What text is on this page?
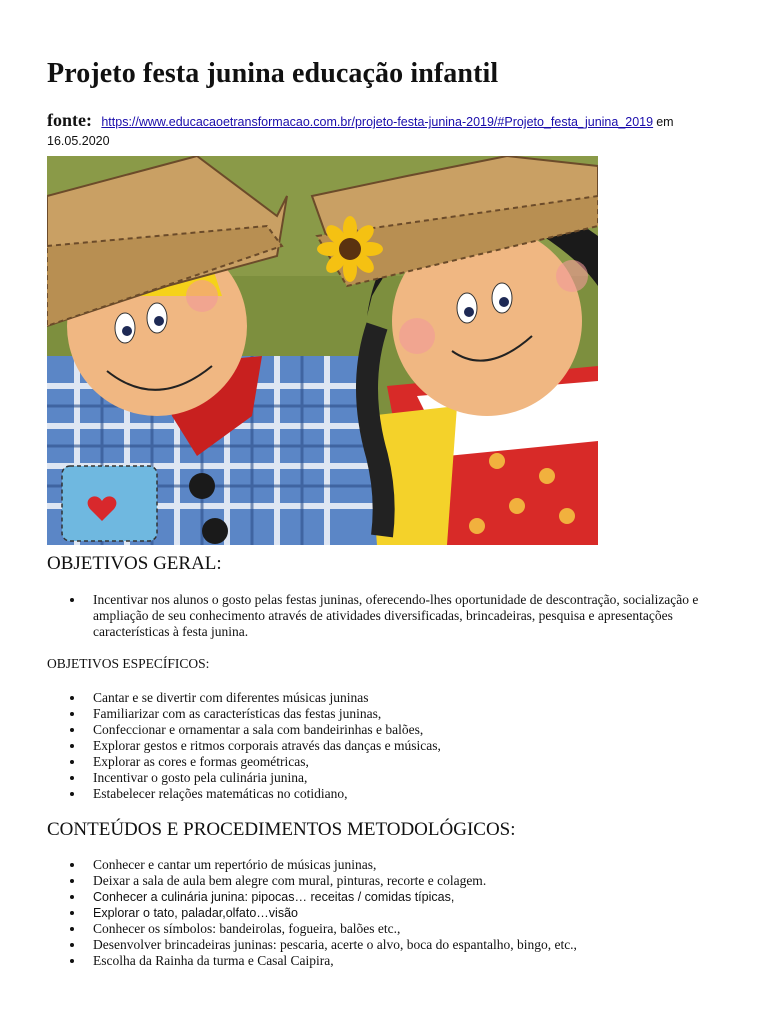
Projeto festa junina educação infantil
fonte: https://www.educacaoetransformacao.com.br/projeto-festa-junina-2019/#Projeto_festa_junina_2019 em 16.05.2020
OBJETIVOS GERAL:
Incentivar nos alunos o gosto pelas festas juninas, oferecendo-lhes oportunidade de descontração, socialização e ampliação de seu conhecimento através de atividades diversificadas, brincadeiras, pesquisa e apresentações características à festa junina.
OBJETIVOS ESPECÍFICOS:
Cantar e se divertir com diferentes músicas juninas
Familiarizar com as características das festas juninas,
Confeccionar e ornamentar a sala com bandeirinhas e balões,
Explorar gestos e ritmos corporais através das danças e músicas,
Explorar as cores e formas geométricas,
Incentivar o gosto pela culinária junina,
Estabelecer relações matemáticas no cotidiano,
CONTEÚDOS E PROCEDIMENTOS METODOLÓGICOS:
Conhecer e cantar um repertório de músicas juninas,
Deixar a sala de aula bem alegre com mural, pinturas, recorte e colagem.
Conhecer a culinária junina: pipocas… receitas / comidas típicas,
Explorar o tato, paladar,olfato…visão
Conhecer os símbolos: bandeirolas, fogueira, balões etc.,
Desenvolver brincadeiras juninas: pescaria, acerte o alvo, boca do espantalho, bingo, etc.,
Escolha da Rainha da turma e Casal Caipira,
